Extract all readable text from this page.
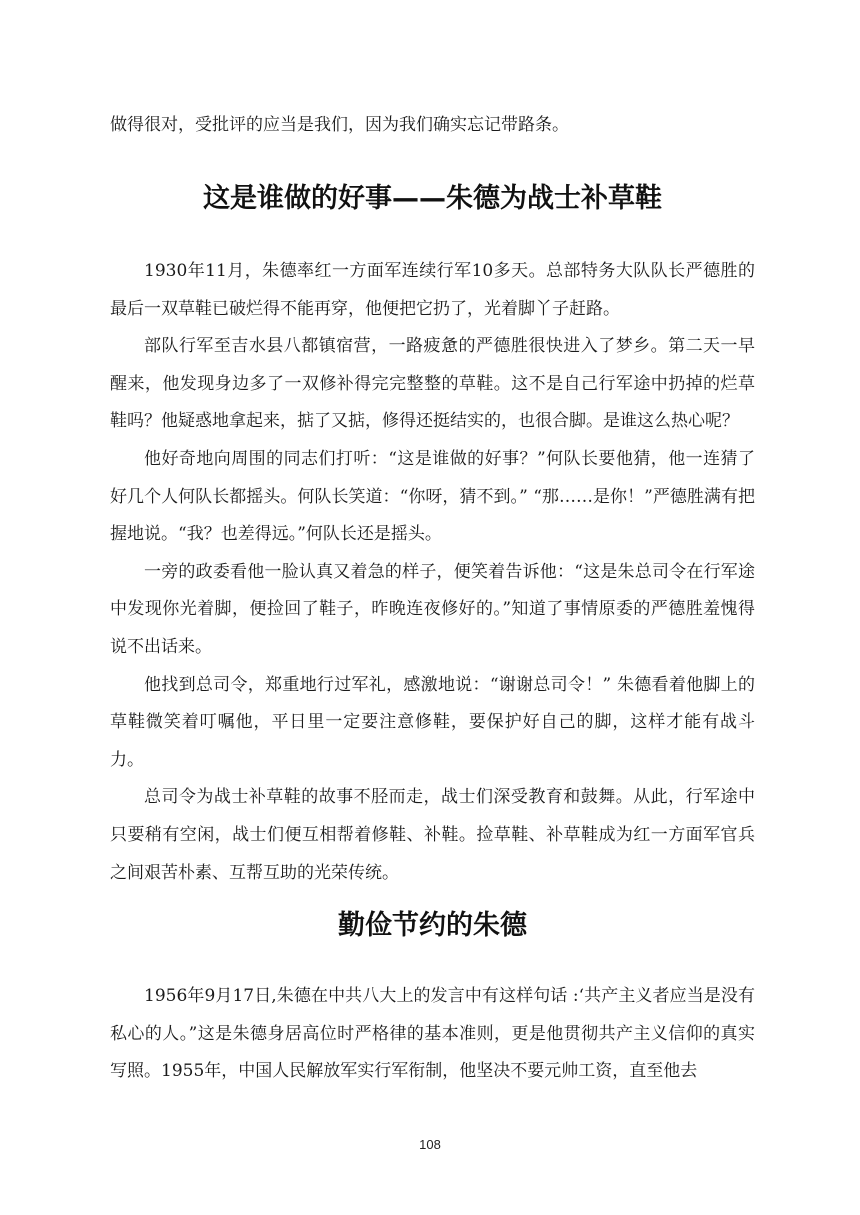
做得很对，受批评的应当是我们，因为我们确实忘记带路条。

这是谁做的好事——朱德为战士补草鞋

1930年11月，朱德率红一方面军连续行军10多天。总部特务大队队长严德胜的最后一双草鞋已破烂得不能再穿，他便把它扔了，光着脚丫子赶路。

部队行军至吉水县八都镇宿营，一路疲惫的严德胜很快进入了梦乡。第二天一早醒来，他发现身边多了一双修补得完完整整的草鞋。这不是自己行军途中扔掉的烂草鞋吗？他疑惑地拿起来，掂了又掂，修得还挺结实的，也很合脚。是谁这么热心呢？

他好奇地向周围的同志们打听：“这是谁做的好事？”何队长要他猜，他一连猜了好几个人何队长都摇头。何队长笑道：“你呀，猜不到。” “那……是你！”严德胜满有把握地说。“我？也差得远。”何队长还是摇头。

一旁的政委看他一脸认真又着急的样子，便笑着告诉他：“这是朱总司令在行军途中发现你光着脚，便捡回了鞋子，昨晚连夜修好的。”知道了事情原委的严德胜羞愧得说不出话来。

他找到总司令，郑重地行过军礼，感激地说：“谢谢总司令！” 朱德看着他脚上的草鞋微笑着叮嘱他，平日里一定要注意修鞋，要保护好自己的脚，这样才能有战斗力。

总司令为战士补草鞋的故事不胫而走，战士们深受教育和鼓舞。从此，行军途中只要稍有空闲，战士们便互相帮着修鞋、补鞋。捡草鞋、补草鞋成为红一方面军官兵之间艰苦朴素、互帮互助的光荣传统。

勤俭节约的朱德

1956年9月17日,朱德在中共八大上的发言中有这样句话 :‘共产主义者应当是没有私心的人。”这是朱德身居高位时严格律的基本准则，更是他贯彻共产主义信仰的真实写照。1955年，中国人民解放军实行军衔制，他坚决不要元帅工资，直至他去

108
